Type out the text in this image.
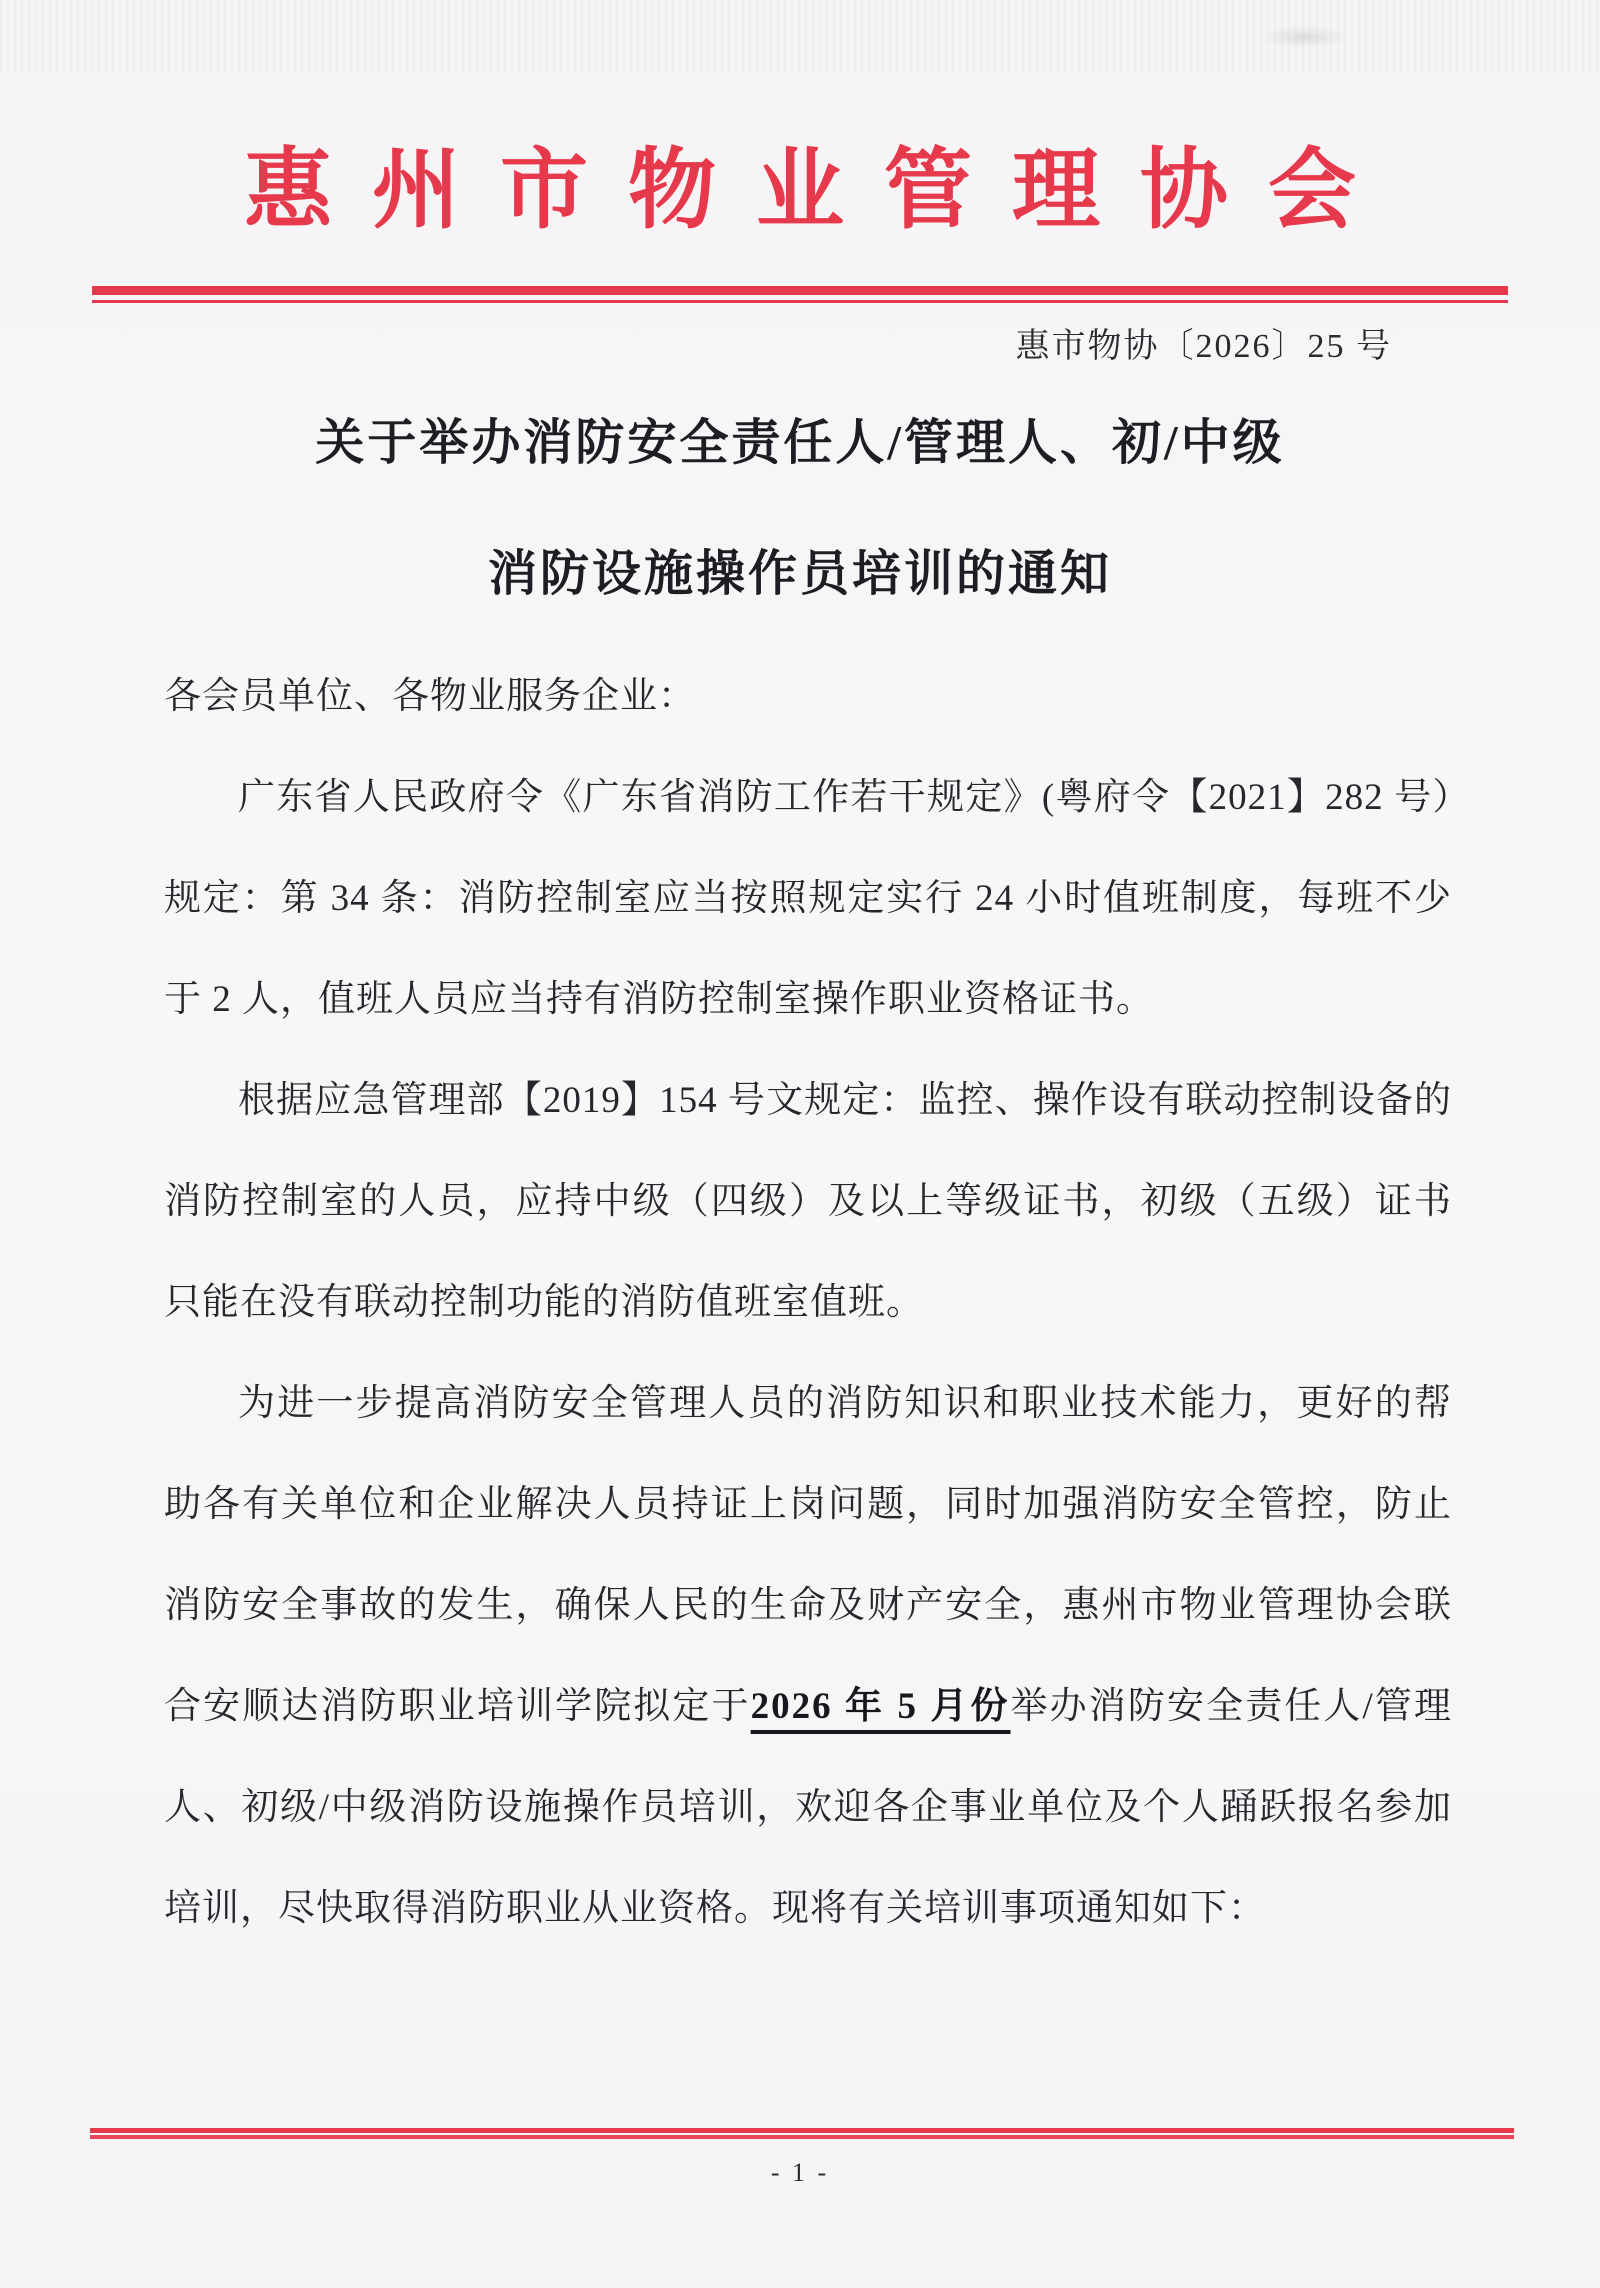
惠州市物业管理协会
惠市物协〔2026〕25 号
关于举办消防安全责任人/管理人、初/中级
消防设施操作员培训的通知

各会员单位、各物业服务企业：

广东省人民政府令《广东省消防工作若干规定》(粤府令【2021】282 号）规定：第 34 条：消防控制室应当按照规定实行 24 小时值班制度，每班不少于 2 人，值班人员应当持有消防控制室操作职业资格证书。

根据应急管理部【2019】154 号文规定：监控、操作设有联动控制设备的消防控制室的人员，应持中级（四级）及以上等级证书，初级（五级）证书只能在没有联动控制功能的消防值班室值班。

为进一步提高消防安全管理人员的消防知识和职业技术能力，更好的帮助各有关单位和企业解决人员持证上岗问题，同时加强消防安全管控，防止消防安全事故的发生，确保人民的生命及财产安全，惠州市物业管理协会联合安顺达消防职业培训学院拟定于2026 年 5 月份举办消防安全责任人/管理人、初级/中级消防设施操作员培训，欢迎各企事业单位及个人踊跃报名参加培训，尽快取得消防职业从业资格。现将有关培训事项通知如下：

- 1 -
